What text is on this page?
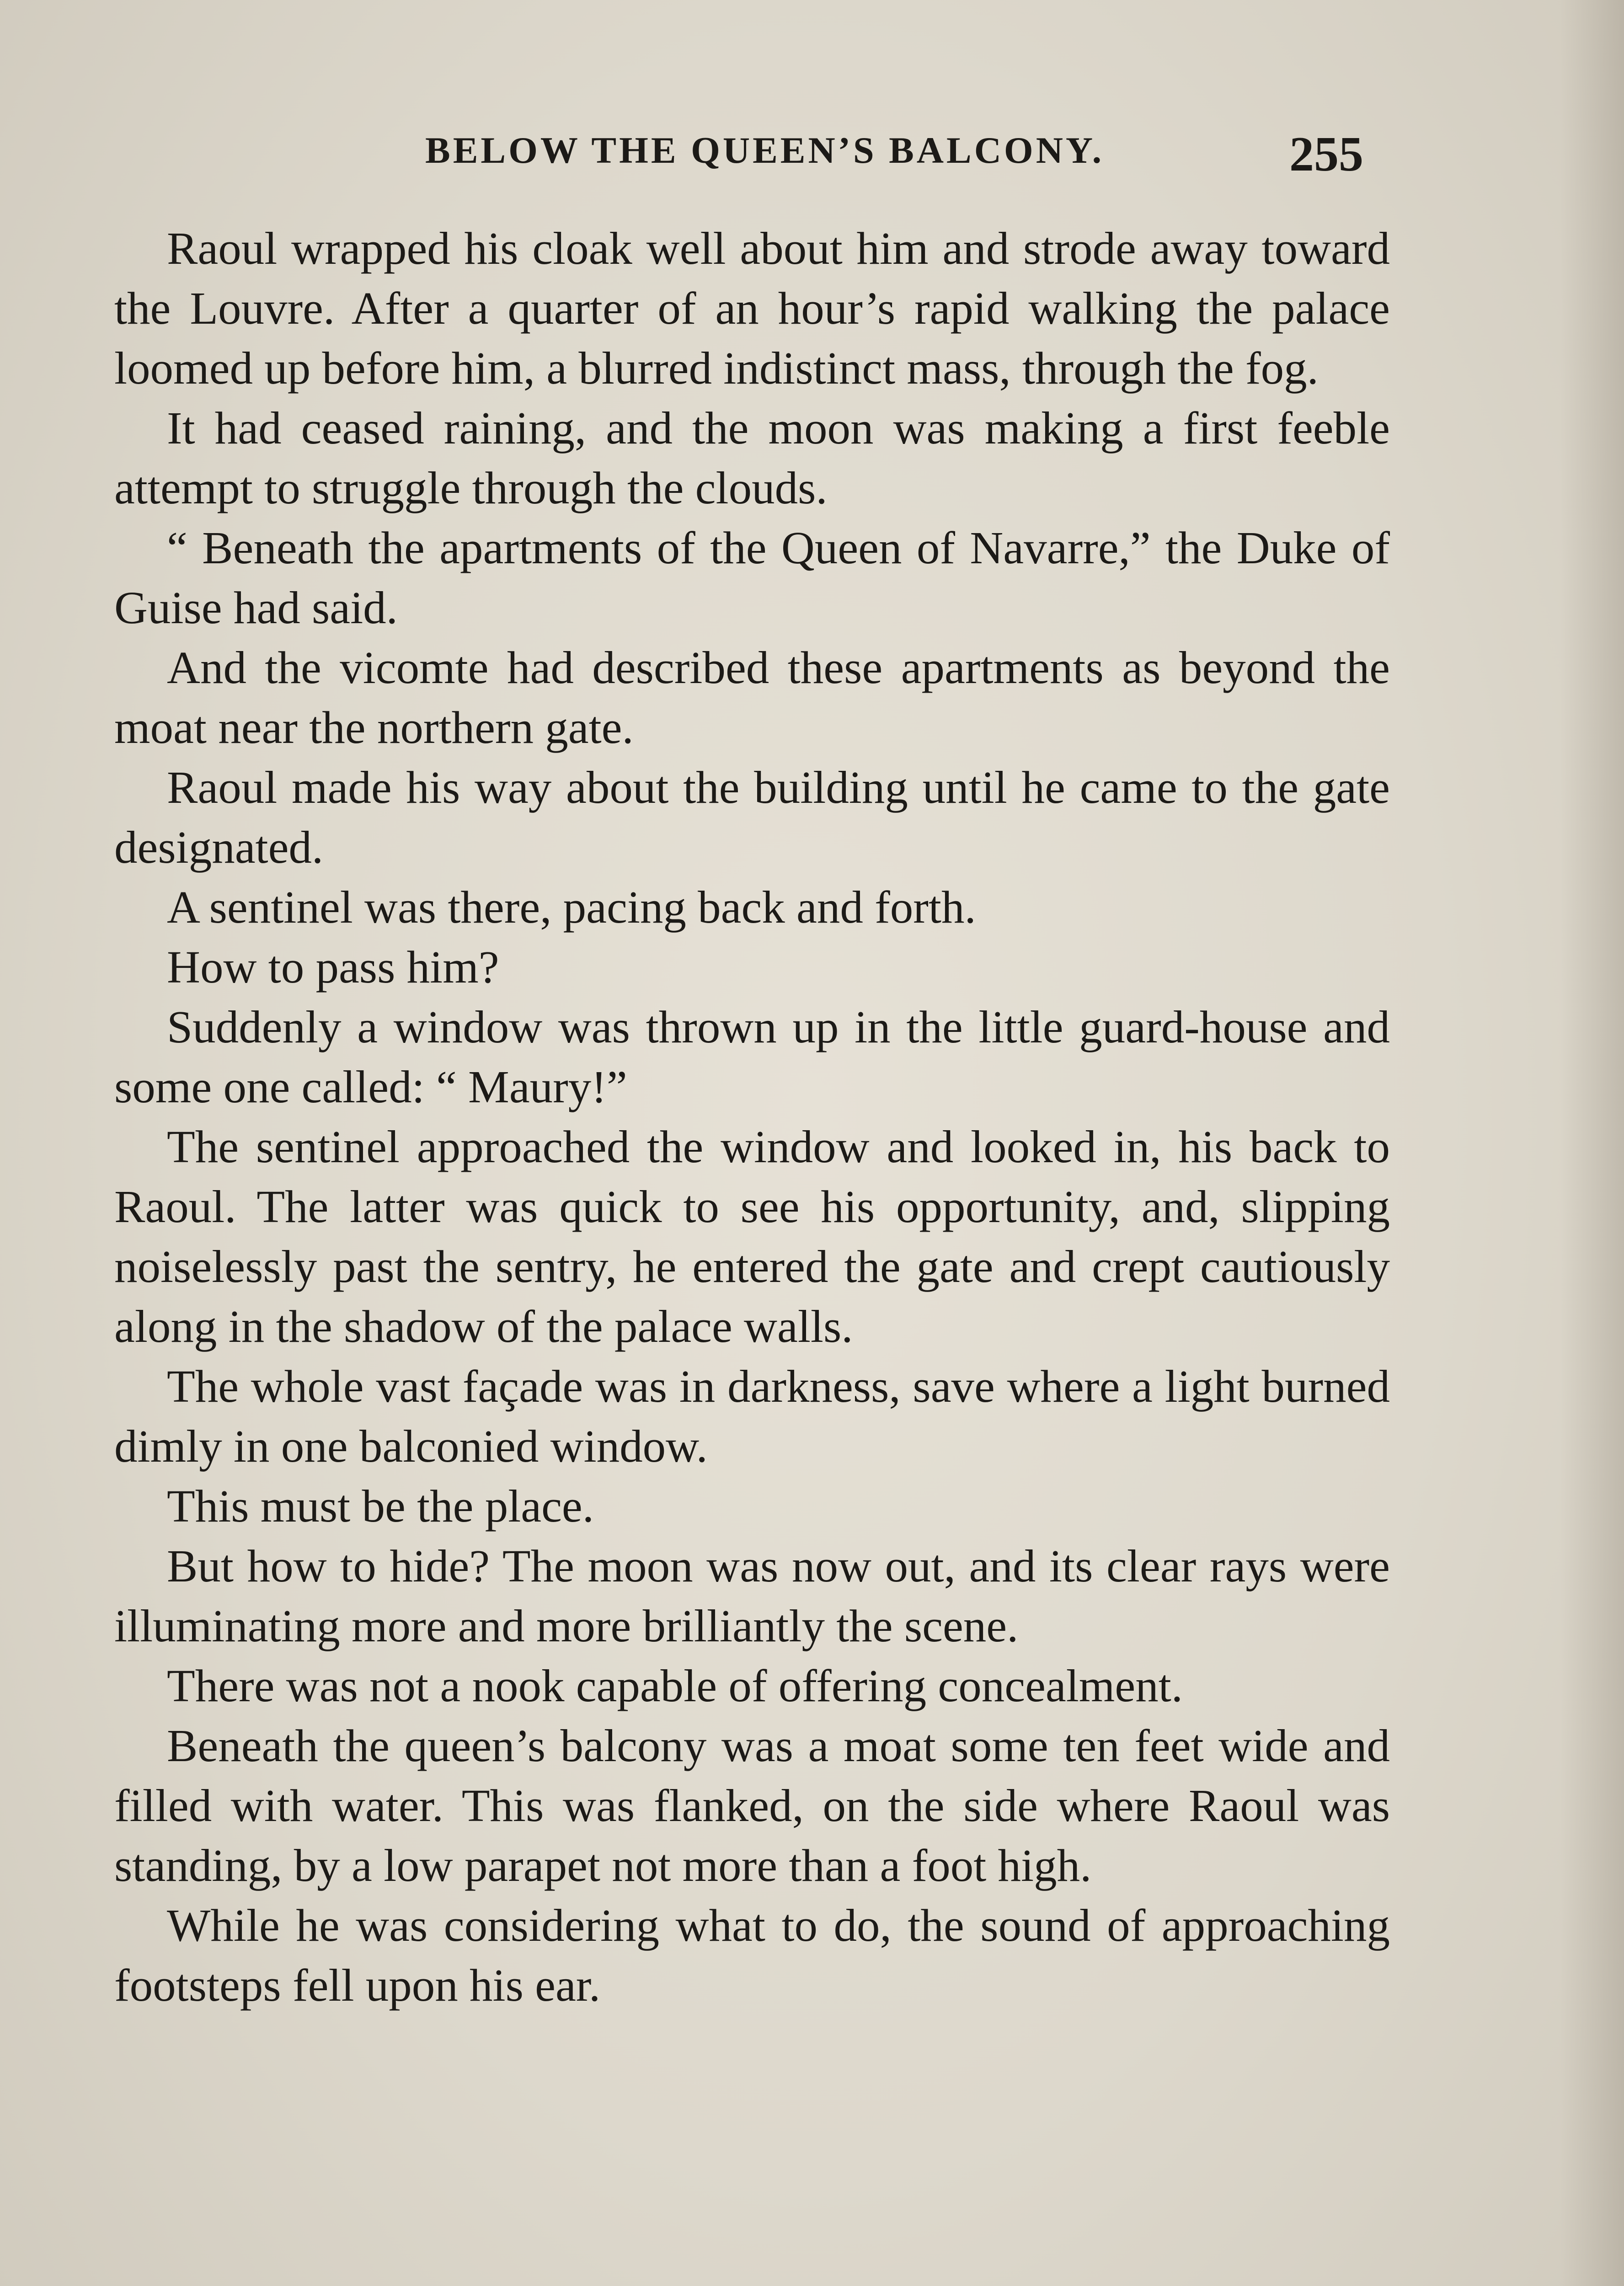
BELOW THE QUEEN’S BALCONY.	255

Raoul wrapped his cloak well about him and strode away toward the Louvre. After a quarter of an hour’s rapid walking the palace loomed up before him, a blurred indistinct mass, through the fog.

It had ceased raining, and the moon was making a first feeble attempt to struggle through the clouds.

“ Beneath the apartments of the Queen of Navarre,” the Duke of Guise had said.

And the vicomte had described these apartments as beyond the moat near the northern gate.

Raoul made his way about the building until he came to the gate designated.

A sentinel was there, pacing back and forth.

How to pass him?

Suddenly a window was thrown up in the little guard-house and some one called: “ Maury!”

The sentinel approached the window and looked in, his back to Raoul. The latter was quick to see his opportunity, and, slipping noiselessly past the sentry, he entered the gate and crept cautiously along in the shadow of the palace walls.

The whole vast façade was in darkness, save where a light burned dimly in one balconied window.

This must be the place.

But how to hide? The moon was now out, and its clear rays were illuminating more and more brilliantly the scene.

There was not a nook capable of offering concealment.

Beneath the queen’s balcony was a moat some ten feet wide and filled with water. This was flanked, on the side where Raoul was standing, by a low parapet not more than a foot high.

While he was considering what to do, the sound of approaching footsteps fell upon his ear.
